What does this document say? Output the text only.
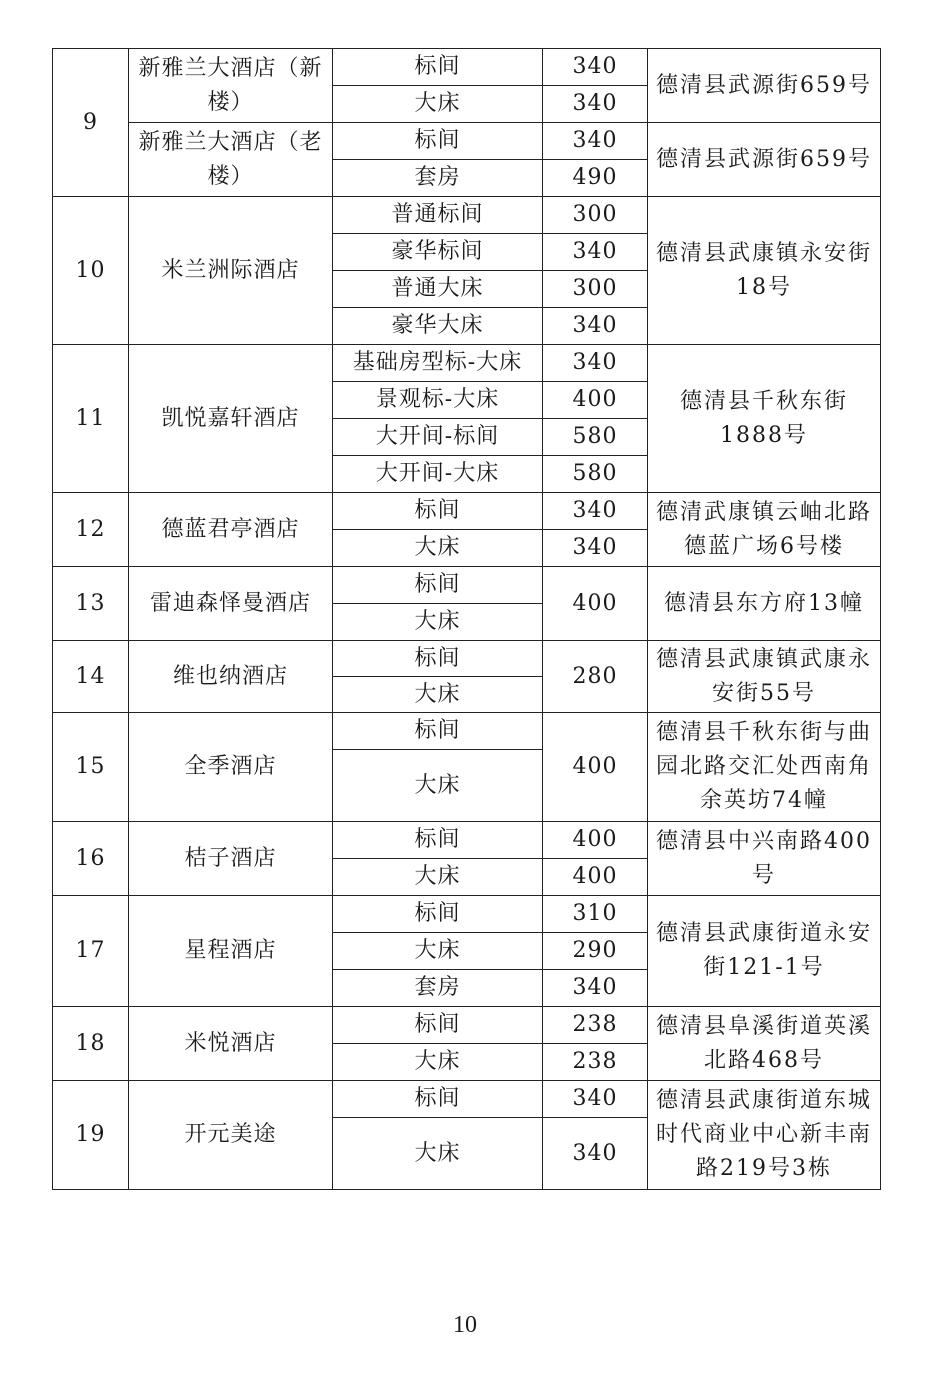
9	新雅兰大酒店（新楼）	标间	340	德清县武源街659号
		大床	340	
	新雅兰大酒店（老楼）	标间	340	德清县武源街659号
		套房	490	
10	米兰洲际酒店	普通标间	300	德清县武康镇永安街18号
		豪华标间	340	
		普通大床	300	
		豪华大床	340	
11	凯悦嘉轩酒店	基础房型标-大床	340	德清县千秋东街1888号
		景观标-大床	400	
		大开间-标间	580	
		大开间-大床	580	
12	德蓝君亭酒店	标间	340	德清武康镇云岫北路德蓝广场6号楼
		大床	340	
13	雷迪森怿曼酒店	标间	400	德清县东方府13幢
		大床		
14	维也纳酒店	标间	280	德清县武康镇武康永安街55号
		大床		
15	全季酒店	标间	400	德清县千秋东街与曲园北路交汇处西南角余英坊74幢
		大床		
16	桔子酒店	标间	400	德清县中兴南路400号
		大床	400	
17	星程酒店	标间	310	德清县武康街道永安街121-1号
		大床	290	
		套房	340	
18	米悦酒店	标间	238	德清县阜溪街道英溪北路468号
		大床	238	
19	开元美途	标间	340	德清县武康街道东城时代商业中心新丰南路219号3栋
		大床	340	
10
